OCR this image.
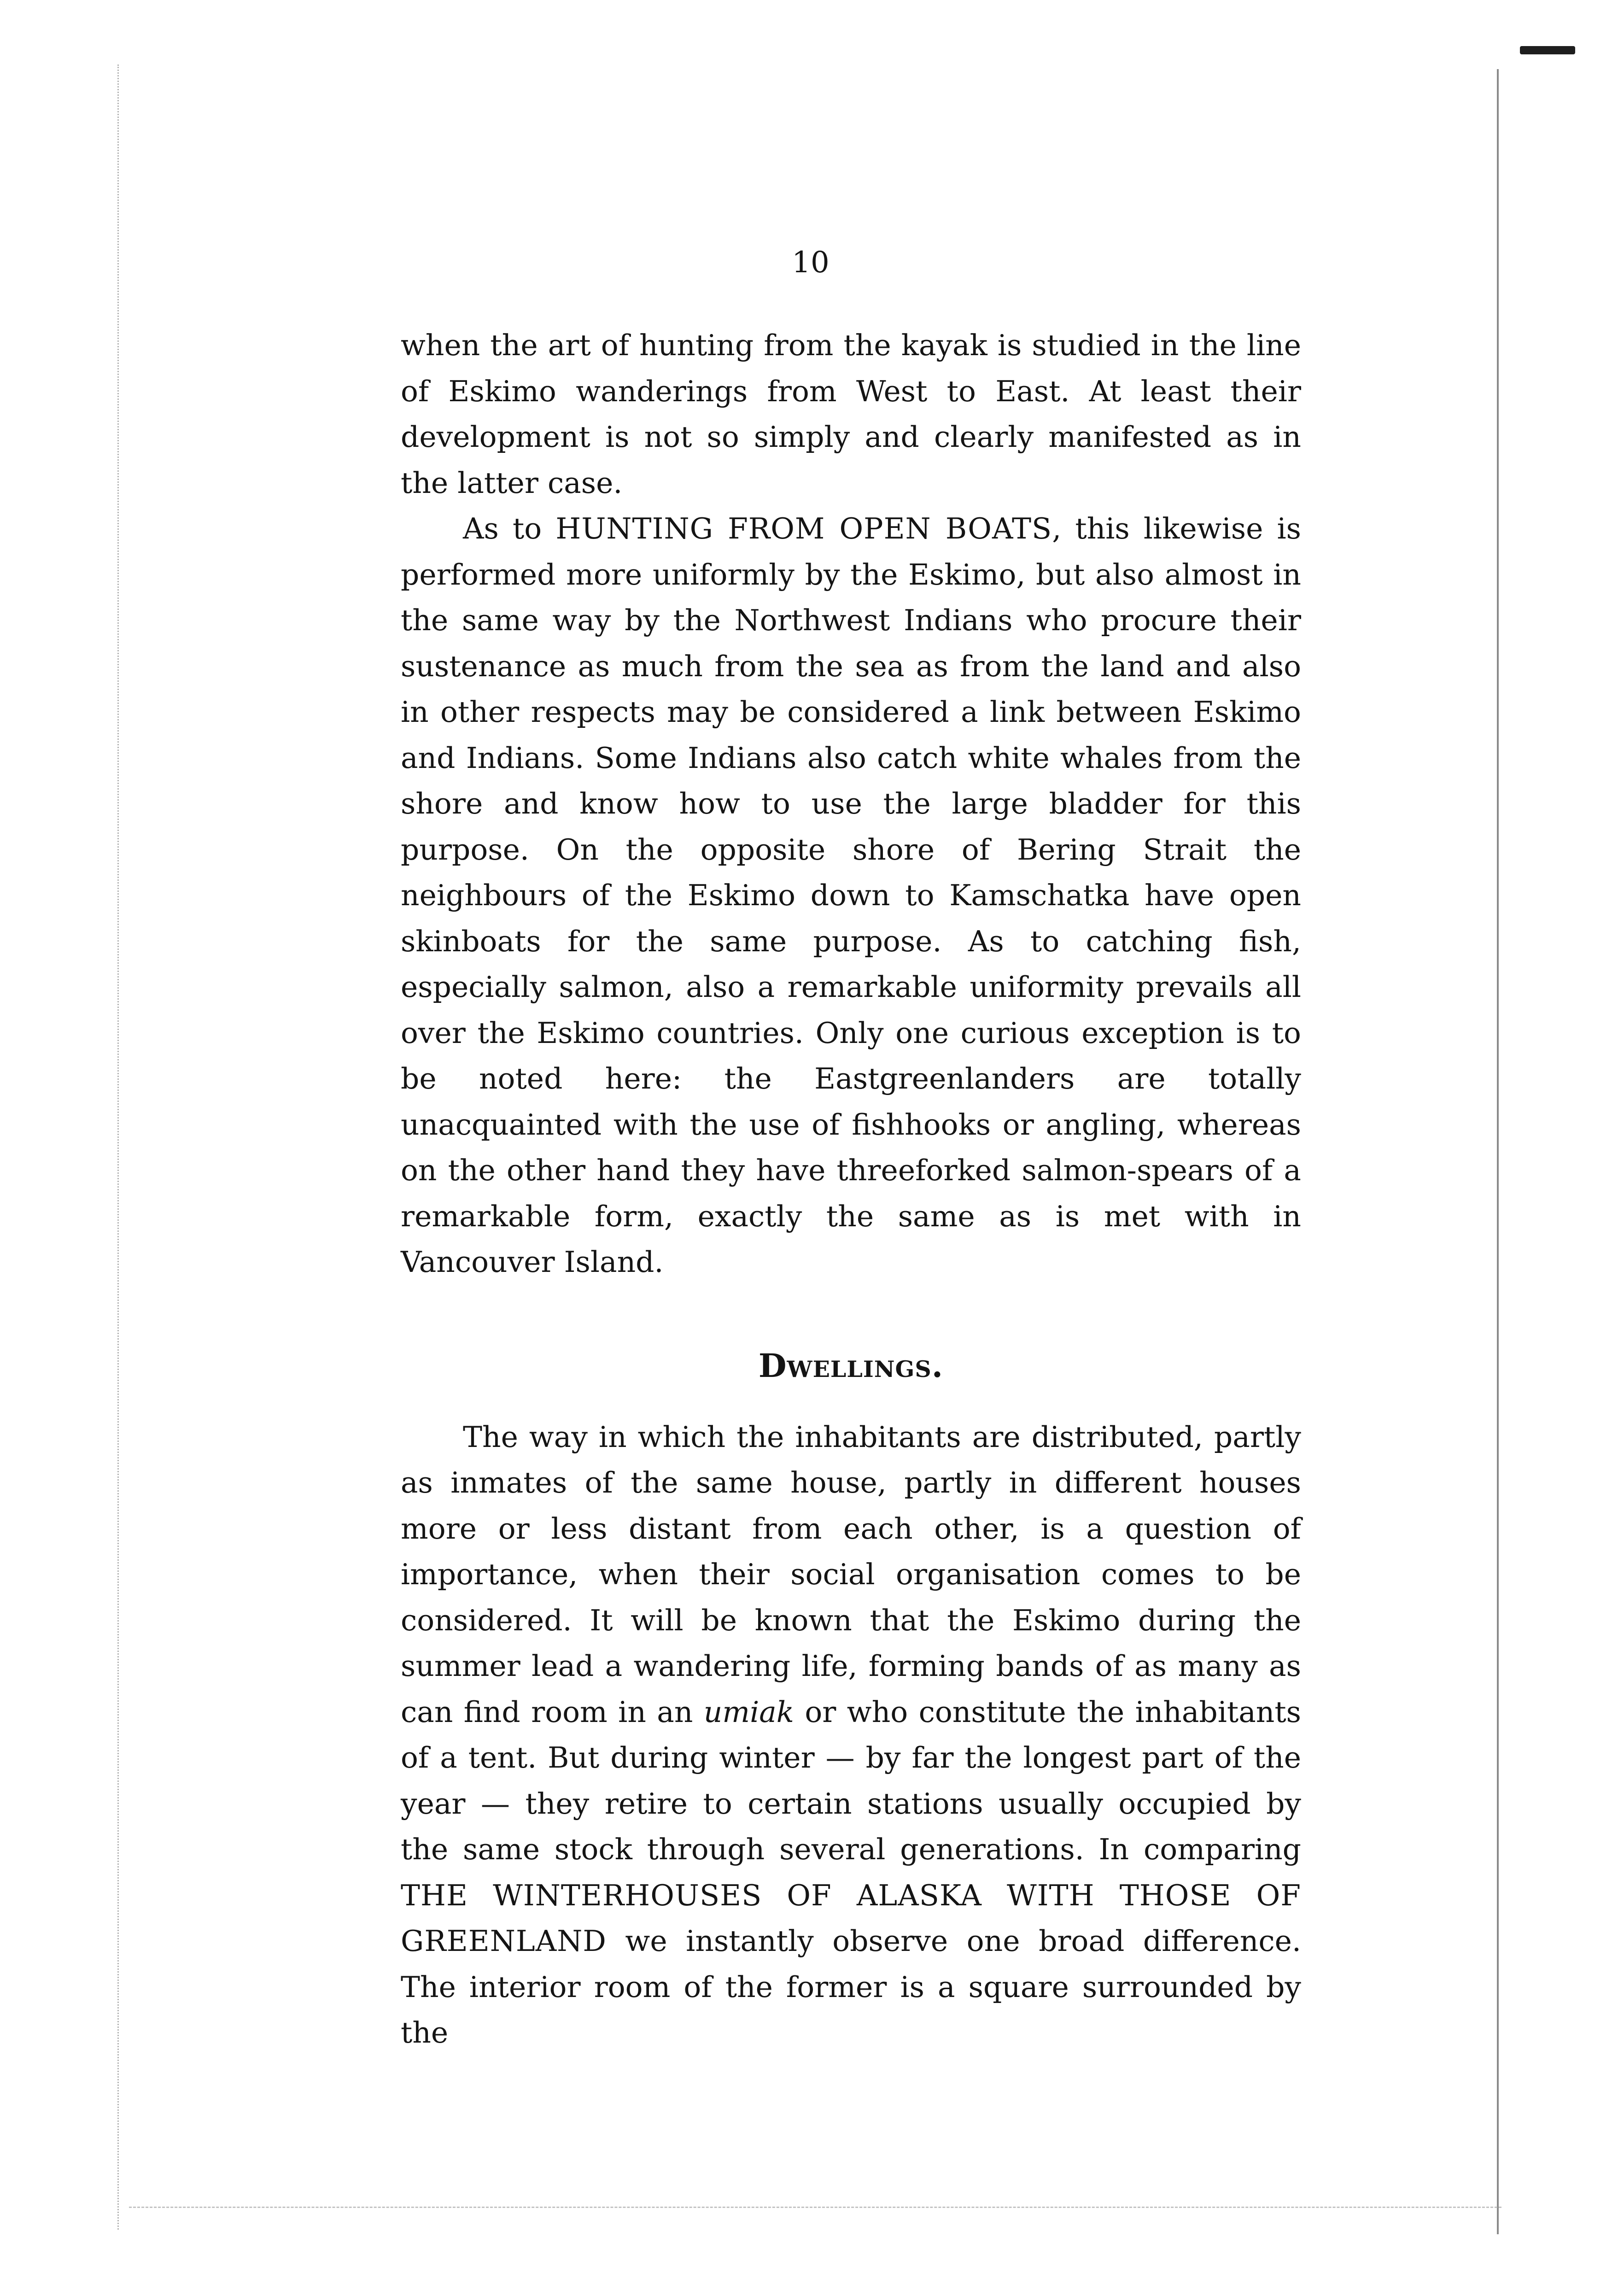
10

when the art of hunting from the kayak is studied in the line of Eskimo wanderings from West to East. At least their development is not so simply and clearly manifested as in the latter case.

As to HUNTING FROM OPEN BOATS, this likewise is performed more uniformly by the Eskimo, but also almost in the same way by the Northwest Indians who procure their sustenance as much from the sea as from the land and also in other respects may be considered a link between Eskimo and Indians. Some Indians also catch white whales from the shore and know how to use the large bladder for this purpose. On the opposite shore of Bering Strait the neighbours of the Eskimo down to Kamschatka have open skinboats for the same purpose. As to catching fish, especially salmon, also a remarkable uniformity prevails all over the Eskimo countries. Only one curious exception is to be noted here: the Eastgreenlanders are totally unacquainted with the use of fishhooks or angling, whereas on the other hand they have threeforked salmon-spears of a remarkable form, exactly the same as is met with in Vancouver Island.

Dwellings.

The way in which the inhabitants are distributed, partly as inmates of the same house, partly in different houses more or less distant from each other, is a question of importance, when their social organisation comes to be considered. It will be known that the Eskimo during the summer lead a wandering life, forming bands of as many as can find room in an umiak or who constitute the inhabitants of a tent. But during winter — by far the longest part of the year — they retire to certain stations usually occupied by the same stock through several generations. In comparing THE WINTERHOUSES OF ALASKA WITH THOSE OF GREENLAND we instantly observe one broad difference. The interior room of the former is a square surrounded by the
